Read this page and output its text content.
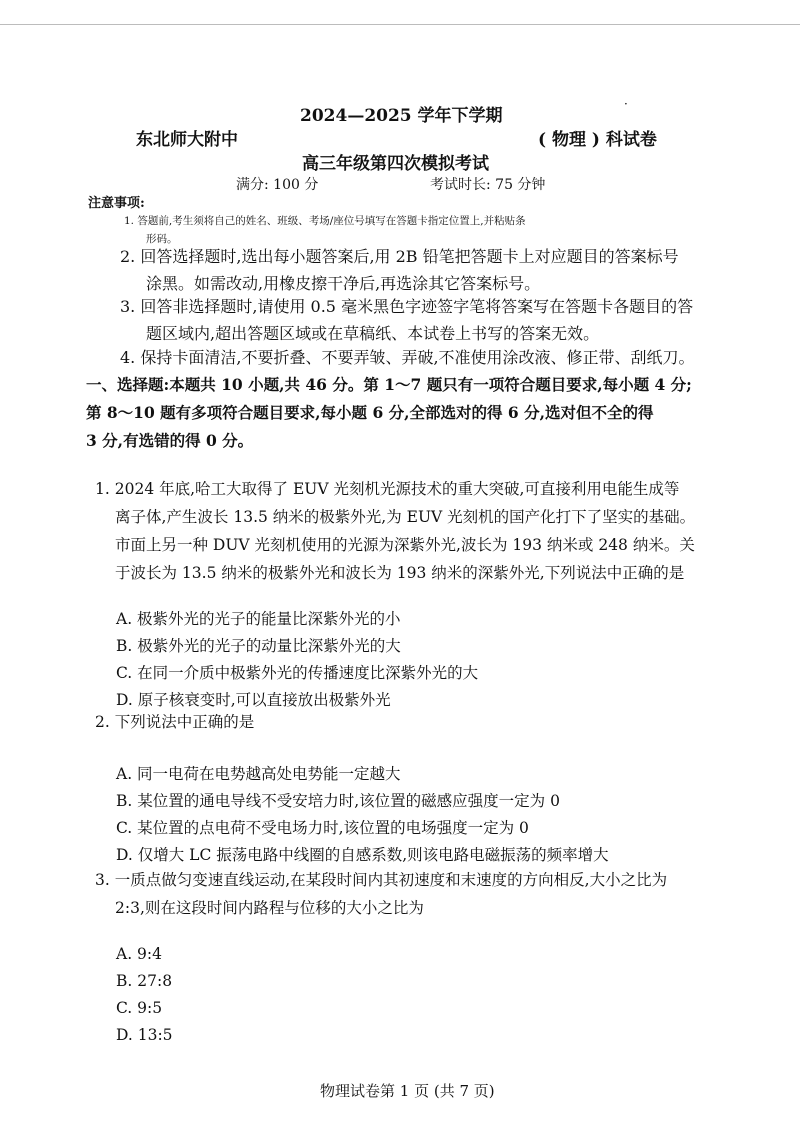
2024—2025 学年下学期
·
东北师大附中	( 物理 ) 科试卷
高三年级第四次模拟考试
满分: 100 分	考试时长: 75 分钟
注意事项:
1. 答题前,考生须将自己的姓名、班级、考场/座位号填写在答题卡指定位置上,并粘贴条
形码。
2. 回答选择题时,选出每小题答案后,用 2B 铅笔把答题卡上对应题目的答案标号
涂黑。如需改动,用橡皮擦干净后,再选涂其它答案标号。
3. 回答非选择题时,请使用 0.5 毫米黑色字迹签字笔将答案写在答题卡各题目的答
题区域内,超出答题区域或在草稿纸、本试卷上书写的答案无效。
4. 保持卡面清洁,不要折叠、不要弄皱、弄破,不准使用涂改液、修正带、刮纸刀。
一、选择题:本题共 10 小题,共 46 分。第 1～7 题只有一项符合题目要求,每小题 4 分;
第 8～10 题有多项符合题目要求,每小题 6 分,全部选对的得 6 分,选对但不全的得
3 分,有选错的得 0 分。
1. 2024 年底,哈工大取得了 EUV 光刻机光源技术的重大突破,可直接利用电能生成等
离子体,产生波长 13.5 纳米的极紫外光,为 EUV 光刻机的国产化打下了坚实的基础。
市面上另一种 DUV 光刻机使用的光源为深紫外光,波长为 193 纳米或 248 纳米。关
于波长为 13.5 纳米的极紫外光和波长为 193 纳米的深紫外光,下列说法中正确的是
A. 极紫外光的光子的能量比深紫外光的小
B. 极紫外光的光子的动量比深紫外光的大
C. 在同一介质中极紫外光的传播速度比深紫外光的大
D. 原子核衰变时,可以直接放出极紫外光
2. 下列说法中正确的是
A. 同一电荷在电势越高处电势能一定越大
B. 某位置的通电导线不受安培力时,该位置的磁感应强度一定为 0
C. 某位置的点电荷不受电场力时,该位置的电场强度一定为 0
D. 仅增大 LC 振荡电路中线圈的自感系数,则该电路电磁振荡的频率增大
3. 一质点做匀变速直线运动,在某段时间内其初速度和末速度的方向相反,大小之比为
2:3,则在这段时间内路程与位移的大小之比为
A. 9:4
B. 27:8
C. 9:5
D. 13:5
物理试卷第 1 页 (共 7 页)
